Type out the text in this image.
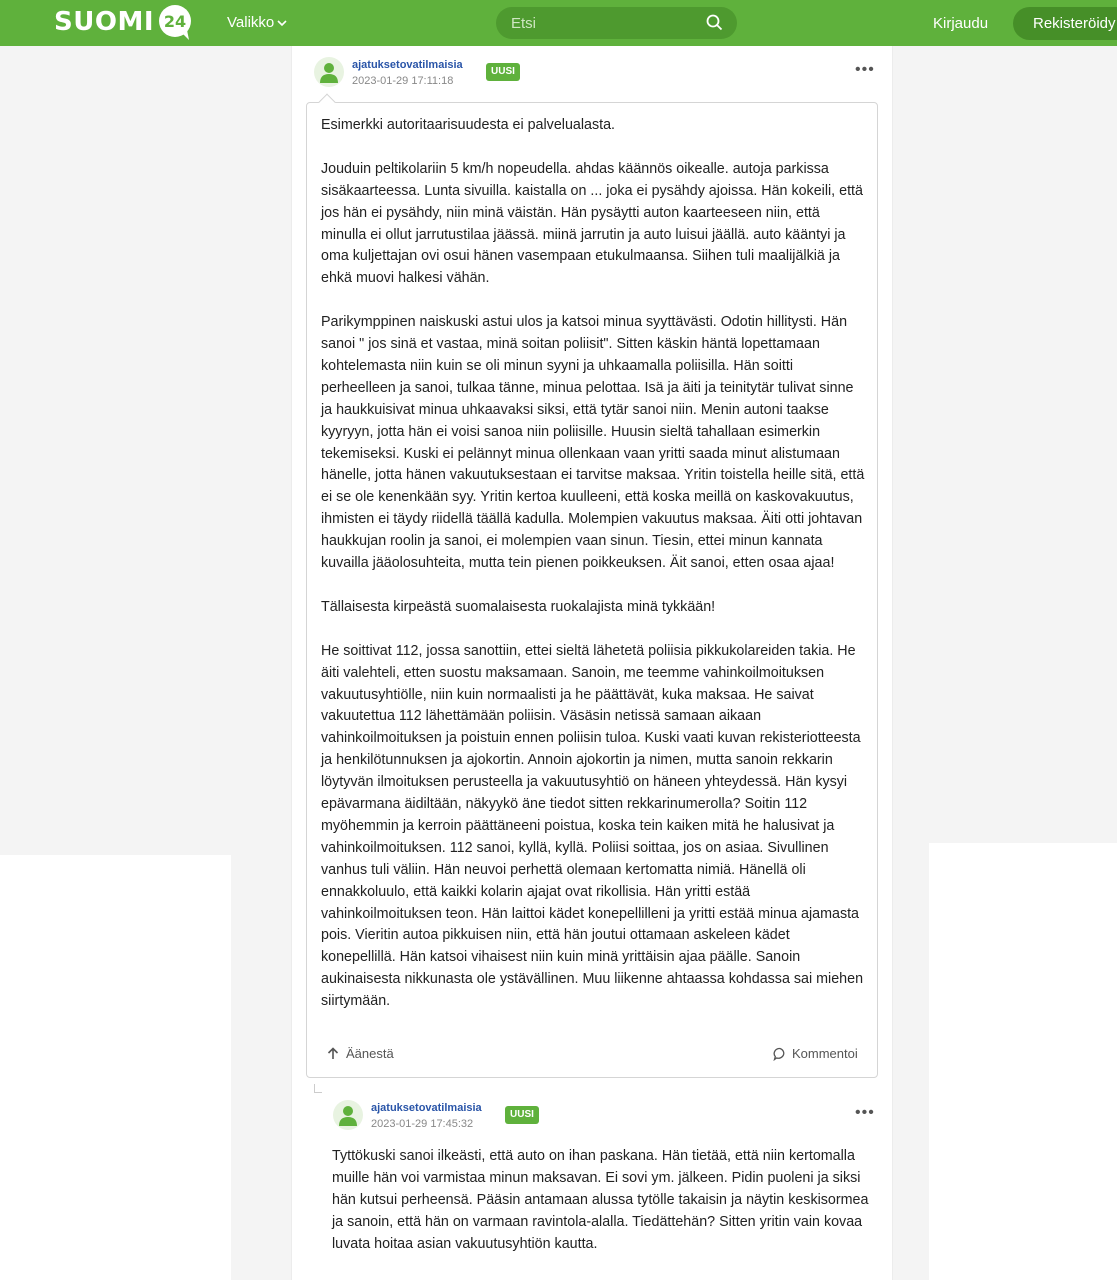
SUOMI 24	Valikko
Etsi	Kirjaudu	Rekisteröidy
ajatuksetovatilmaisia
2023-01-29 17:11:18
UUSI	•••

Esimerkki autoritaarisuudesta ei palvelualasta.

Jouduin peltikolariin 5 km/h nopeudella. ahdas käännös oikealle. autoja parkissa sisäkaarteessa. Lunta sivuilla. kaistalla on ... joka ei pysähdy ajoissa. Hän kokeili, että jos hän ei pysähdy, niin minä väistän. Hän pysäytti auton kaarteeseen niin, että minulla ei ollut jarrutustilaa jäässä. miinä jarrutin ja auto luisui jäällä. auto kääntyi ja oma kuljettajan ovi osui hänen vasempaan etukulmaansa. Siihen tuli maalijälkiä ja ehkä muovi halkesi vähän.

Parikymppinen naiskuski astui ulos ja katsoi minua syyttävästi. Odotin hillitysti. Hän sanoi " jos sinä et vastaa, minä soitan poliisit". Sitten käskin häntä lopettamaan kohtelemasta niin kuin se oli minun syyni ja uhkaamalla poliisilla. Hän soitti perheelleen ja sanoi, tulkaa tänne, minua pelottaa. Isä ja äiti ja teinitytär tulivat sinne ja haukkuisivat minua uhkaavaksi siksi, että tytär sanoi niin. Menin autoni taakse kyyryyn, jotta hän ei voisi sanoa niin poliisille. Huusin sieltä tahallaan esimerkin tekemiseksi. Kuski ei pelännyt minua ollenkaan vaan yritti saada minut alistumaan hänelle, jotta hänen vakuutuksestaan ei tarvitse maksaa. Yritin toistella heille sitä, että ei se ole kenenkään syy. Yritin kertoa kuulleeni, että koska meillä on kaskovakuutus, ihmisten ei täydy riidellä täällä kadulla. Molempien vakuutus maksaa. Äiti otti johtavan haukkujan roolin ja sanoi, ei molempien vaan sinun. Tiesin, ettei minun kannata kuvailla jääolosuhteita, mutta tein pienen poikkeuksen. Äit sanoi, etten osaa ajaa!

Tällaisesta kirpeästä suomalaisesta ruokalajista minä tykkään!

He soittivat 112, jossa sanottiin, ettei sieltä lähetetä poliisia pikkukolareiden takia. He äiti valehteli, etten suostu maksamaan. Sanoin, me teemme vahinkoilmoituksen vakuutusyhtiölle, niin kuin normaalisti ja he päättävät, kuka maksaa. He saivat vakuutettua 112 lähettämään poliisin. Väsäsin netissä samaan aikaan vahinkoilmoituksen ja poistuin ennen poliisin tuloa. Kuski vaati kuvan rekisteriotteesta ja henkilötunnuksen ja ajokortin. Annoin ajokortin ja nimen, mutta sanoin rekkarin löytyvän ilmoituksen perusteella ja vakuutusyhtiö on häneen yhteydessä. Hän kysyi epävarmana äidiltään, näkyykö äne tiedot sitten rekkarinumerolla? Soitin 112 myöhemmin ja kerroin päättäneeni poistua, koska tein kaiken mitä he halusivat ja vahinkoilmoituksen. 112 sanoi, kyllä, kyllä. Poliisi soittaa, jos on asiaa. Sivullinen vanhus tuli väliin. Hän neuvoi perhettä olemaan kertomatta nimiä. Hänellä oli ennakkoluulo, että kaikki kolarin ajajat ovat rikollisia. Hän yritti estää vahinkoilmoituksen teon. Hän laittoi kädet konepellilleni ja yritti estää minua ajamasta pois. Vieritin autoa pikkuisen niin, että hän joutui ottamaan askeleen kädet konepellillä. Hän katsoi vihaisest niin kuin minä yrittäisin ajaa päälle. Sanoin aukinaisesta nikkunasta ole ystävällinen. Muu liikenne ahtaassa kohdassa sai miehen siirtymään.

Äänestä	Kommentoi
ajatuksetovatilmaisia
2023-01-29 17:45:32
UUSI	•••
Tyttökuski sanoi ilkeästi, että auto on ihan paskana. Hän tietää, että niin kertomalla muille hän voi varmistaa minun maksavan. Ei sovi ym. jälkeen. Pidin puoleni ja siksi hän kutsui perheensä. Pääsin antamaan alussa tytölle takaisin ja näytin keskisormea ja sanoin, että hän on varmaan ravintola-alalla. Tiedättehän? Sitten yritin vain kovaa luvata hoitaa asian vakuutusyhtiön kautta.
